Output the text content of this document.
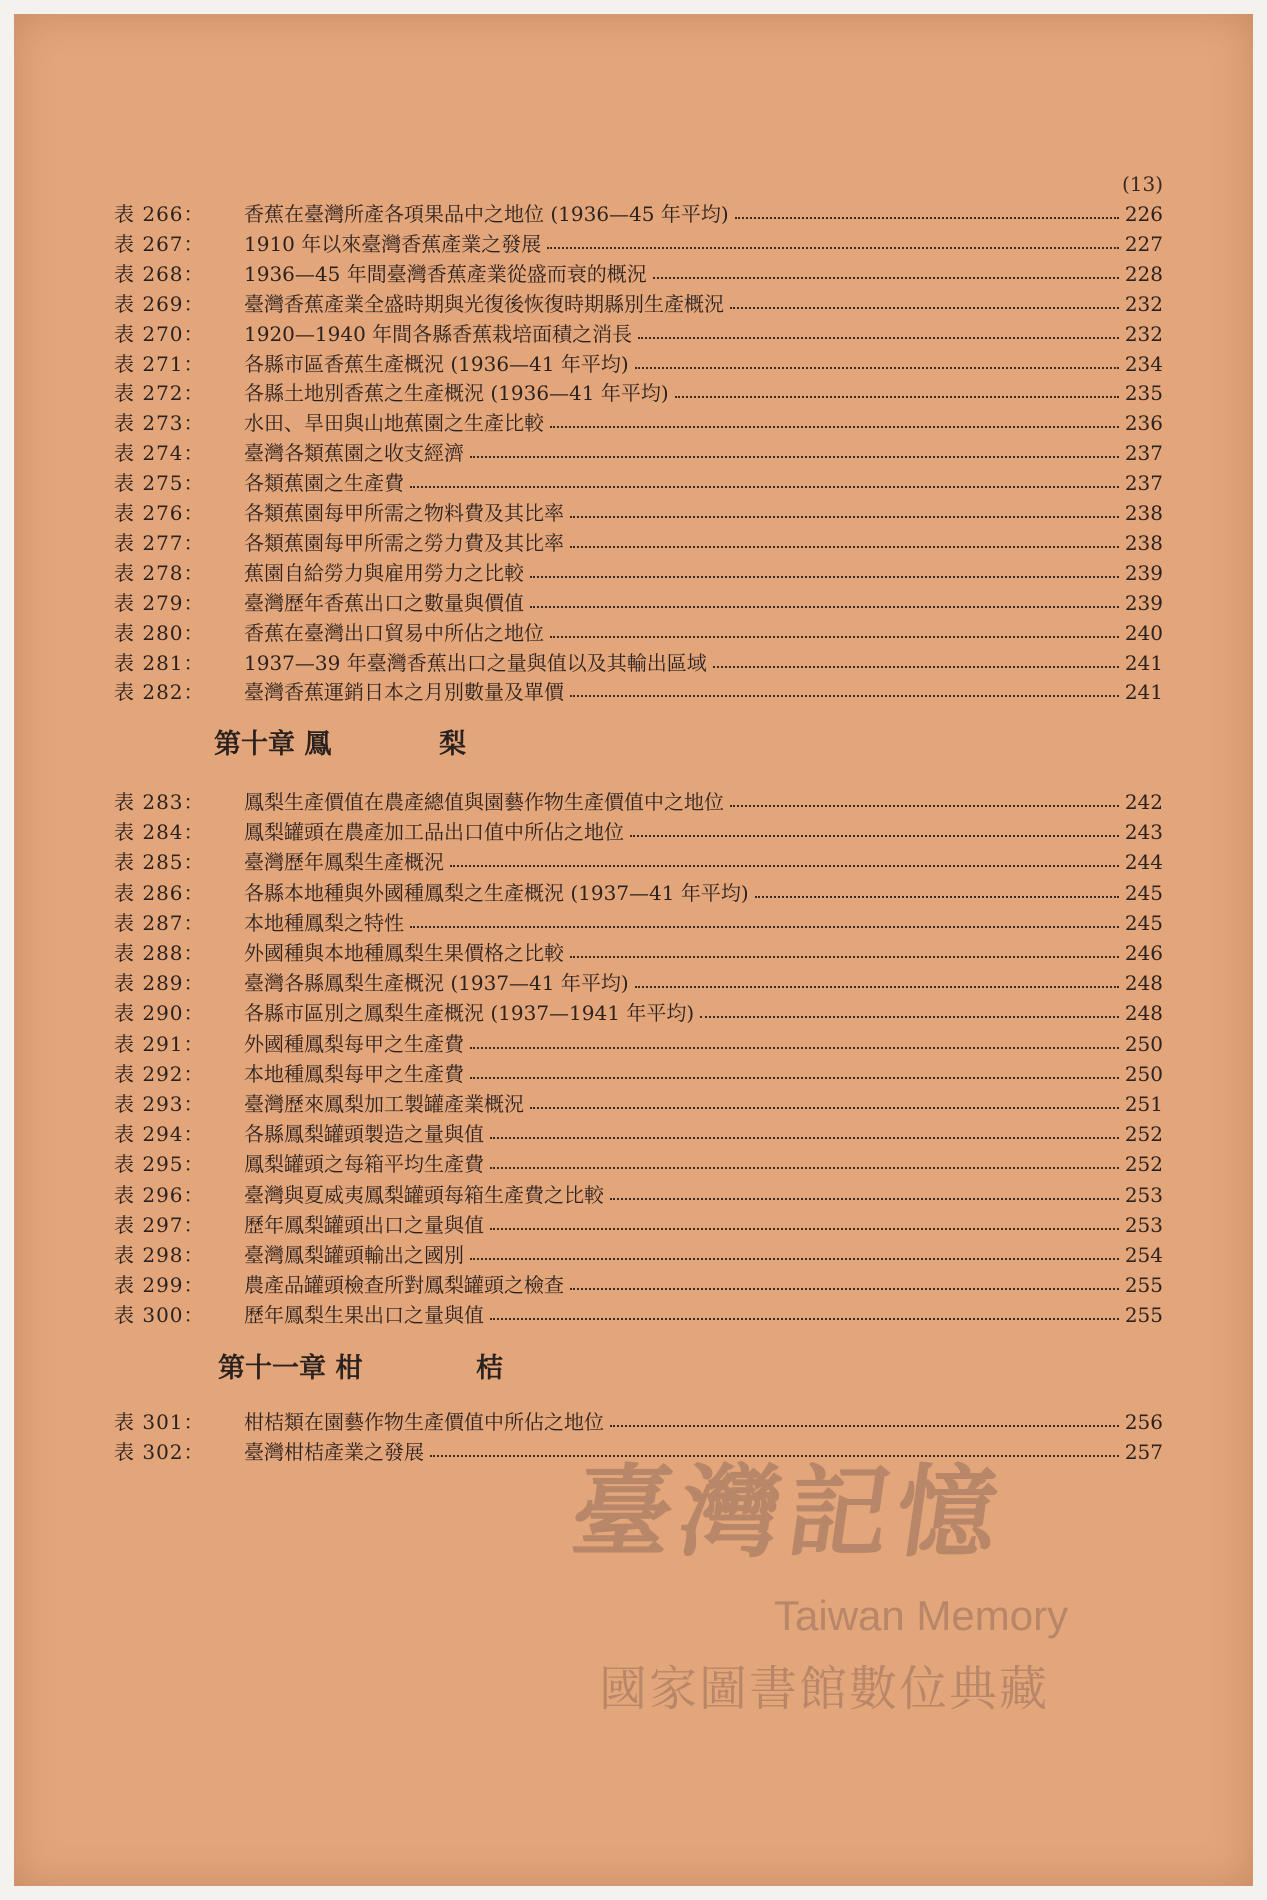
(13)
表 266：	香蕉在臺灣所產各項果品中之地位 (1936—45 年平均)	226
表 267：	1910 年以來臺灣香蕉產業之發展	227
表 268：	1936—45 年間臺灣香蕉產業從盛而衰的概況	228
表 269：	臺灣香蕉產業全盛時期與光復後恢復時期縣別生產概況	232
表 270：	1920—1940 年間各縣香蕉栽培面積之消長	232
表 271：	各縣市區香蕉生產概況 (1936—41 年平均)	234
表 272：	各縣土地別香蕉之生產概況 (1936—41 年平均)	235
表 273：	水田、旱田與山地蕉園之生產比較	236
表 274：	臺灣各類蕉園之收支經濟	237
表 275：	各類蕉園之生產費	237
表 276：	各類蕉園每甲所需之物料費及其比率	238
表 277：	各類蕉園每甲所需之勞力費及其比率	238
表 278：	蕉園自給勞力與雇用勞力之比較	239
表 279：	臺灣歷年香蕉出口之數量與價值	239
表 280：	香蕉在臺灣出口貿易中所佔之地位	240
表 281：	1937—39 年臺灣香蕉出口之量與值以及其輸出區域	241
表 282：	臺灣香蕉運銷日本之月別數量及單價	241
第十章 鳳	梨
表 283：	鳳梨生產價值在農產總值與園藝作物生產價值中之地位	242
表 284：	鳳梨罐頭在農產加工品出口值中所佔之地位	243
表 285：	臺灣歷年鳳梨生產概況	244
表 286：	各縣本地種與外國種鳳梨之生產概況 (1937—41 年平均)	245
表 287：	本地種鳳梨之特性	245
表 288：	外國種與本地種鳳梨生果價格之比較	246
表 289：	臺灣各縣鳳梨生產概況 (1937—41 年平均)	248
表 290：	各縣市區別之鳳梨生產概況 (1937—1941 年平均)	248
表 291：	外國種鳳梨每甲之生產費	250
表 292：	本地種鳳梨每甲之生產費	250
表 293：	臺灣歷來鳳梨加工製罐產業概況	251
表 294：	各縣鳳梨罐頭製造之量與值	252
表 295：	鳳梨罐頭之每箱平均生產費	252
表 296：	臺灣與夏威夷鳳梨罐頭每箱生產費之比較	253
表 297：	歷年鳳梨罐頭出口之量與值	253
表 298：	臺灣鳳梨罐頭輸出之國別	254
表 299：	農產品罐頭檢查所對鳳梨罐頭之檢查	255
表 300：	歷年鳳梨生果出口之量與值	255
第十一章 柑	桔
表 301：	柑桔類在園藝作物生產價值中所佔之地位	256
表 302：	臺灣柑桔產業之發展	257
臺灣記憶
Taiwan Memory
國家圖書館數位典藏
